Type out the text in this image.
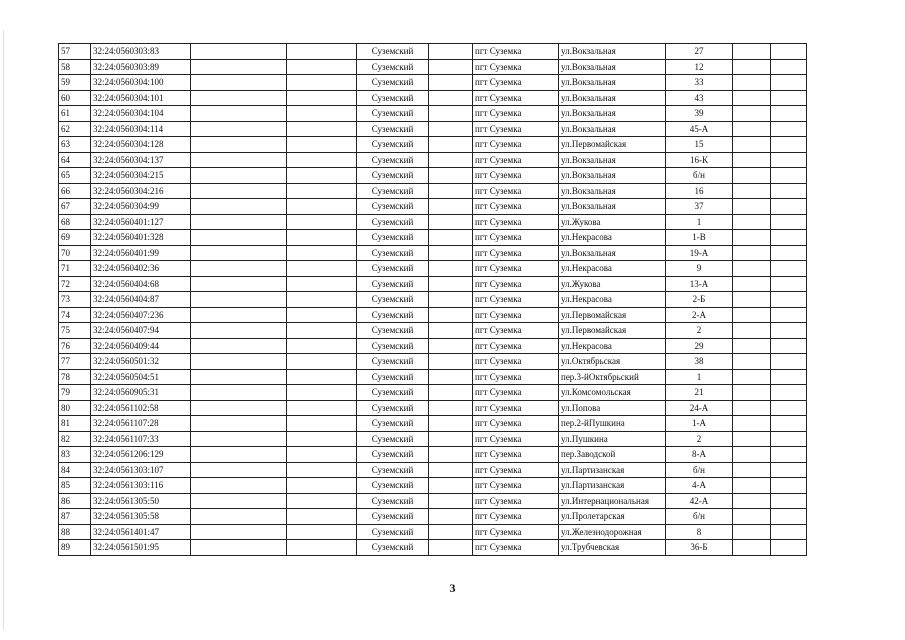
57	32:24:0560303:83			Суземский		пгт Суземка	ул.Вокзальная	27		
58	32:24:0560303:89			Суземский		пгт Суземка	ул.Вокзальная	12		
59	32:24:0560304:100			Суземский		пгт Суземка	ул.Вокзальная	33		
60	32:24:0560304:101			Суземский		пгт Суземка	ул.Вокзальная	43		
61	32:24:0560304:104			Суземский		пгт Суземка	ул.Вокзальная	39		
62	32:24:0560304:114			Суземский		пгт Суземка	ул.Вокзальная	45-А		
63	32:24:0560304:128			Суземский		пгт Суземка	ул.Первомайская	15		
64	32:24:0560304:137			Суземский		пгт Суземка	ул.Вокзальная	16-К		
65	32:24:0560304:215			Суземский		пгт Суземка	ул.Вокзальная	б/н		
66	32:24:0560304:216			Суземский		пгт Суземка	ул.Вокзальная	16		
67	32:24:0560304:99			Суземский		пгт Суземка	ул.Вокзальная	37		
68	32:24:0560401:127			Суземский		пгт Суземка	ул.Жукова	1		
69	32:24:0560401:328			Суземский		пгт Суземка	ул.Некрасова	1-В		
70	32:24:0560401:99			Суземский		пгт Суземка	ул.Вокзальная	19-А		
71	32:24:0560402:36			Суземский		пгт Суземка	ул.Некрасова	9		
72	32:24:0560404:68			Суземский		пгт Суземка	ул.Жукова	13-А		
73	32:24:0560404:87			Суземский		пгт Суземка	ул.Некрасова	2-Б		
74	32:24:0560407:236			Суземский		пгт Суземка	ул.Первомайская	2-А		
75	32:24:0560407:94			Суземский		пгт Суземка	ул.Первомайская	2		
76	32:24:0560409:44			Суземский		пгт Суземка	ул.Некрасова	29		
77	32:24:0560501:32			Суземский		пгт Суземка	ул.Октябрьская	38		
78	32:24:0560504:51			Суземский		пгт Суземка	пер.3-йОктябрьский	1		
79	32:24:0560905:31			Суземский		пгт Суземка	ул.Комсомольская	21		
80	32:24:0561102:58			Суземский		пгт Суземка	ул.Попова	24-А		
81	32:24:0561107:28			Суземский		пгт Суземка	пер.2-йПушкина	1-А		
82	32:24:0561107:33			Суземский		пгт Суземка	ул.Пушкина	2		
83	32:24:0561206:129			Суземский		пгт Суземка	пер.Заводской	8-А		
84	32:24:0561303:107			Суземский		пгт Суземка	ул.Партизанская	б/н		
85	32:24:0561303:116			Суземский		пгт Суземка	ул.Партизанская	4-А		
86	32:24:0561305:50			Суземский		пгт Суземка	ул.Интернациональная	42-А		
87	32:24:0561305:58			Суземский		пгт Суземка	ул.Пролетарская	б/н		
88	32:24:0561401:47			Суземский		пгт Суземка	ул.Железнодорожная	8		
89	32:24:0561501:95			Суземский		пгт Суземка	ул.Трубчевская	36-Б		
3
